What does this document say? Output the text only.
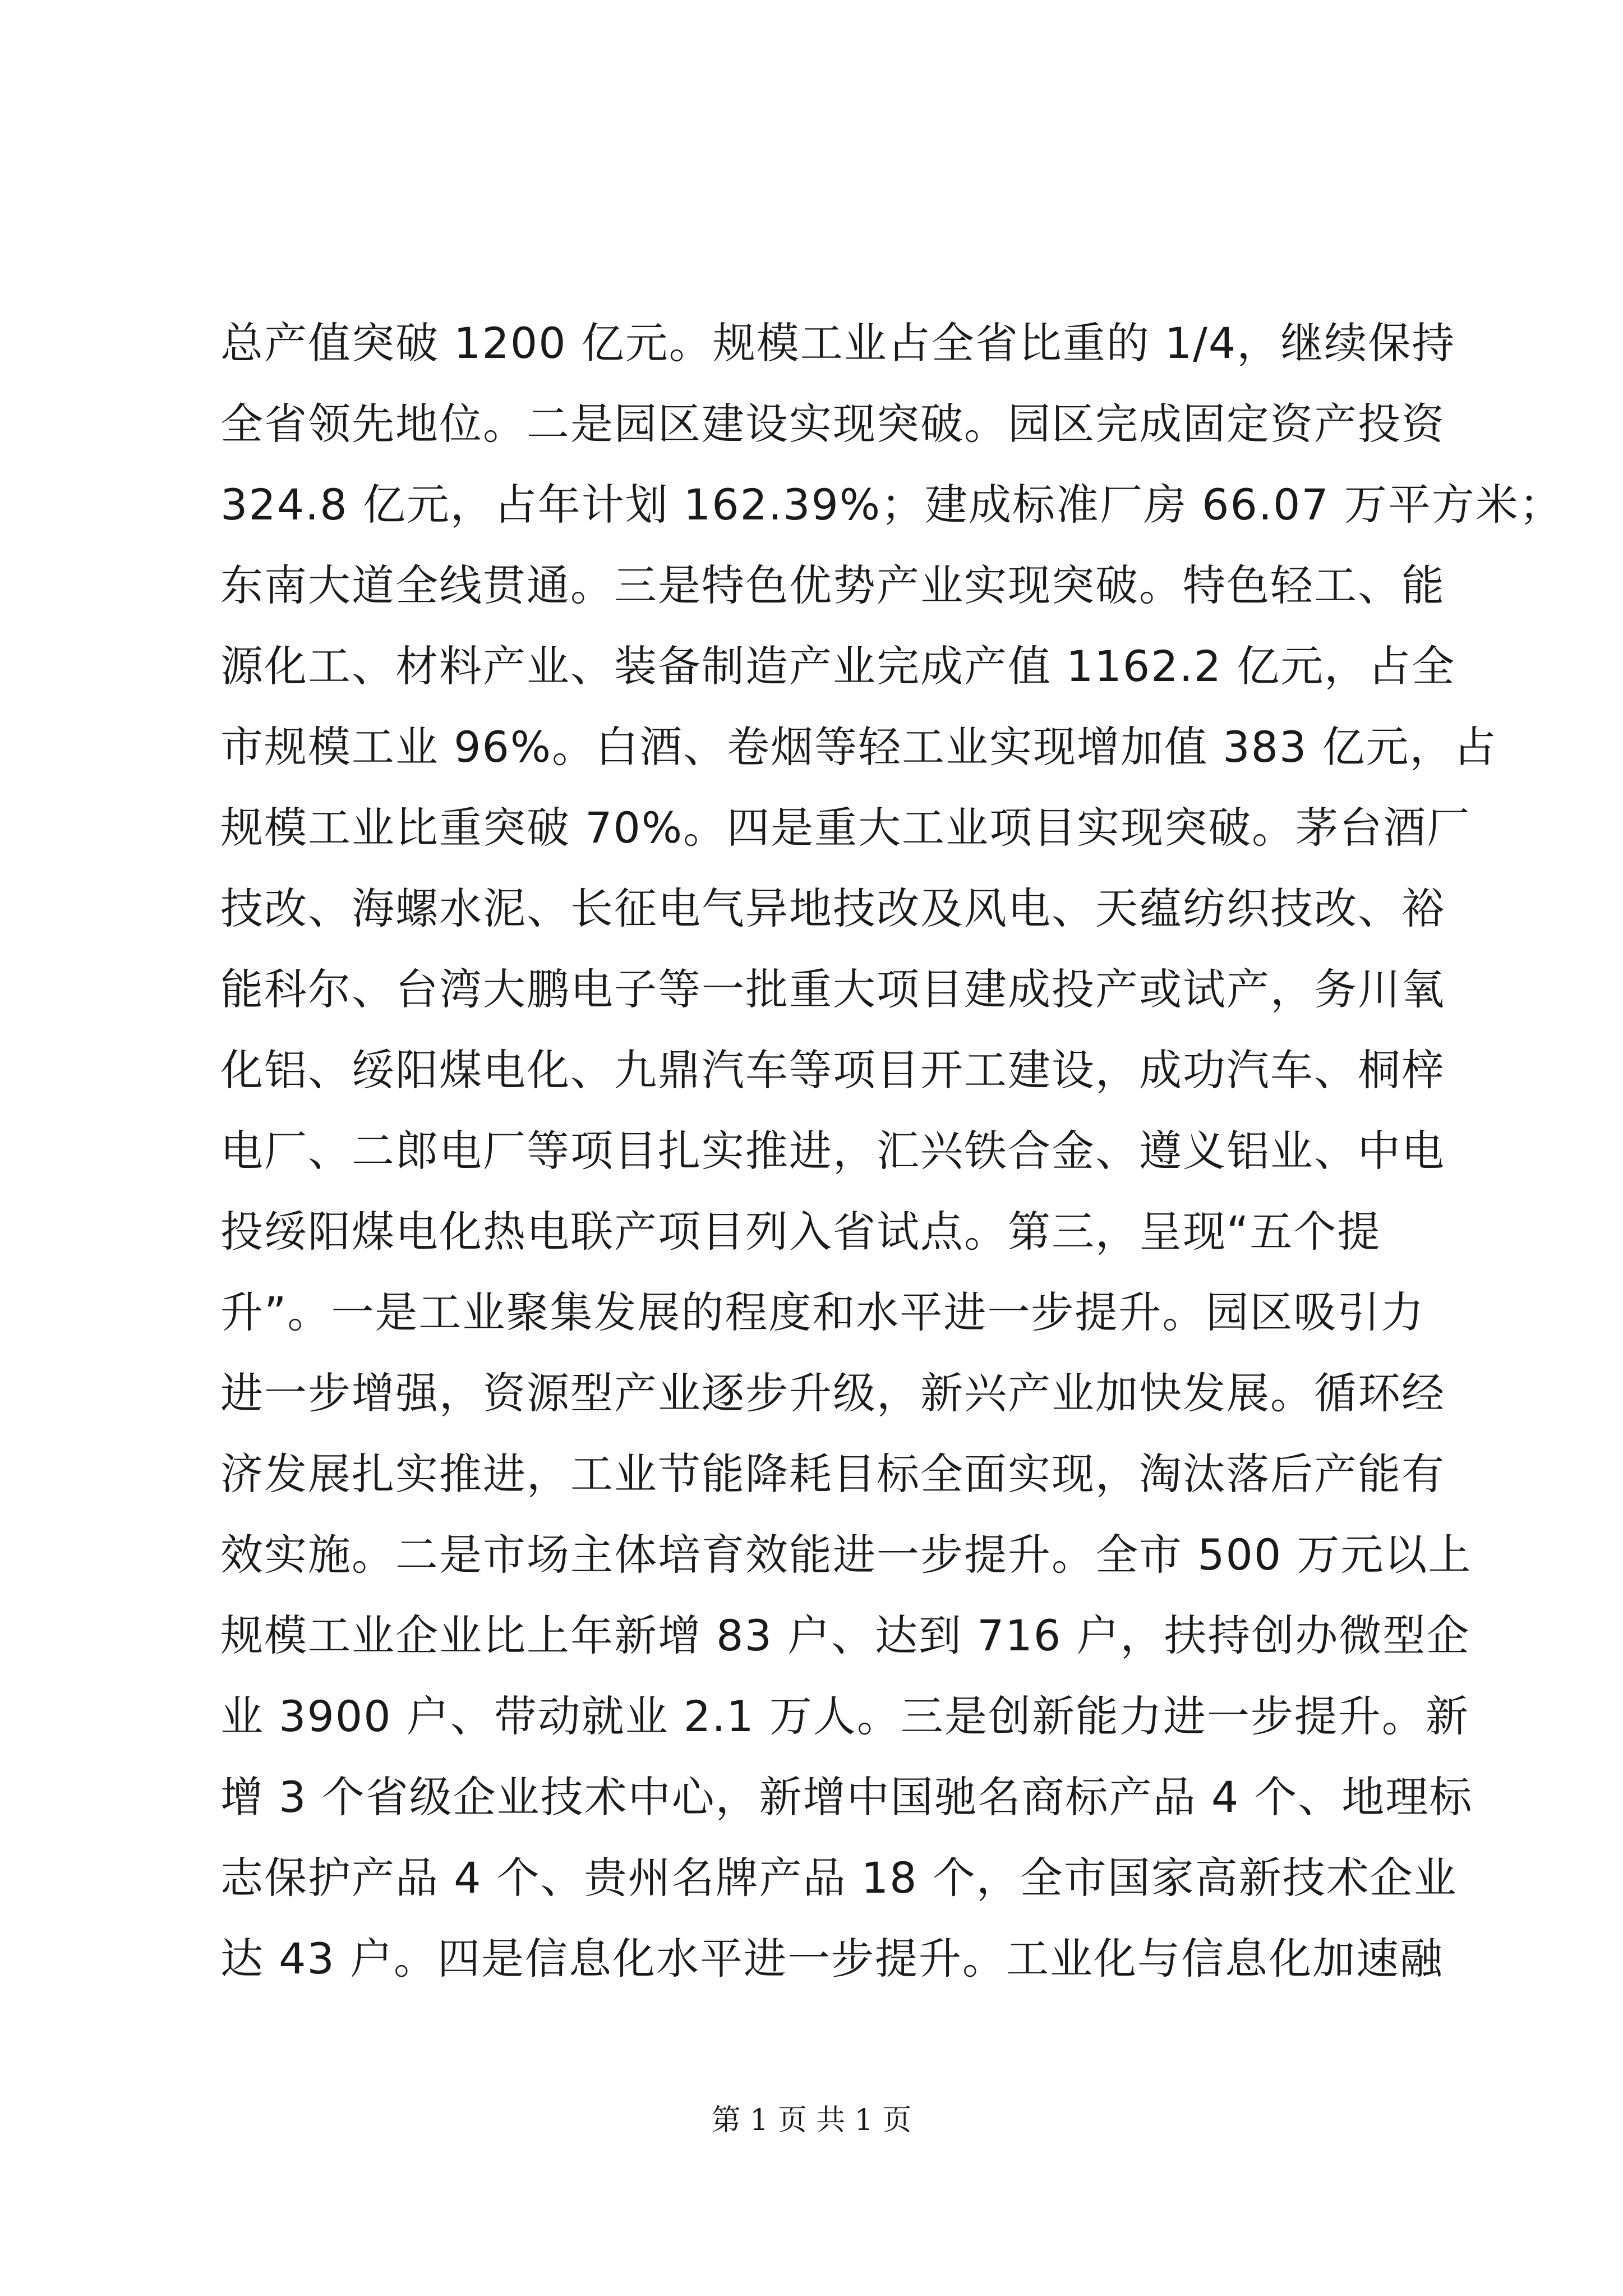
总产值突破 1200 亿元。规模工业占全省比重的 1/4，继续保持
全省领先地位。二是园区建设实现突破。园区完成固定资产投资
324.8 亿元，占年计划 162.39%；建成标准厂房 66.07 万平方米；
东南大道全线贯通。三是特色优势产业实现突破。特色轻工、能
源化工、材料产业、装备制造产业完成产值 1162.2 亿元，占全
市规模工业 96%。白酒、卷烟等轻工业实现增加值 383 亿元，占
规模工业比重突破 70%。四是重大工业项目实现突破。茅台酒厂
技改、海螺水泥、长征电气异地技改及风电、天蕴纺织技改、裕
能科尔、台湾大鹏电子等一批重大项目建成投产或试产，务川氧
化铝、绥阳煤电化、九鼎汽车等项目开工建设，成功汽车、桐梓
电厂、二郎电厂等项目扎实推进，汇兴铁合金、遵义铝业、中电
投绥阳煤电化热电联产项目列入省试点。第三，呈现“五个提
升”。一是工业聚集发展的程度和水平进一步提升。园区吸引力
进一步增强，资源型产业逐步升级，新兴产业加快发展。循环经
济发展扎实推进，工业节能降耗目标全面实现，淘汰落后产能有
效实施。二是市场主体培育效能进一步提升。全市 500 万元以上
规模工业企业比上年新增 83 户、达到 716 户，扶持创办微型企
业 3900 户、带动就业 2.1 万人。三是创新能力进一步提升。新
增 3 个省级企业技术中心，新增中国驰名商标产品 4 个、地理标
志保护产品 4 个、贵州名牌产品 18 个，全市国家高新技术企业
达 43 户。四是信息化水平进一步提升。工业化与信息化加速融
第 1 页 共 1 页
